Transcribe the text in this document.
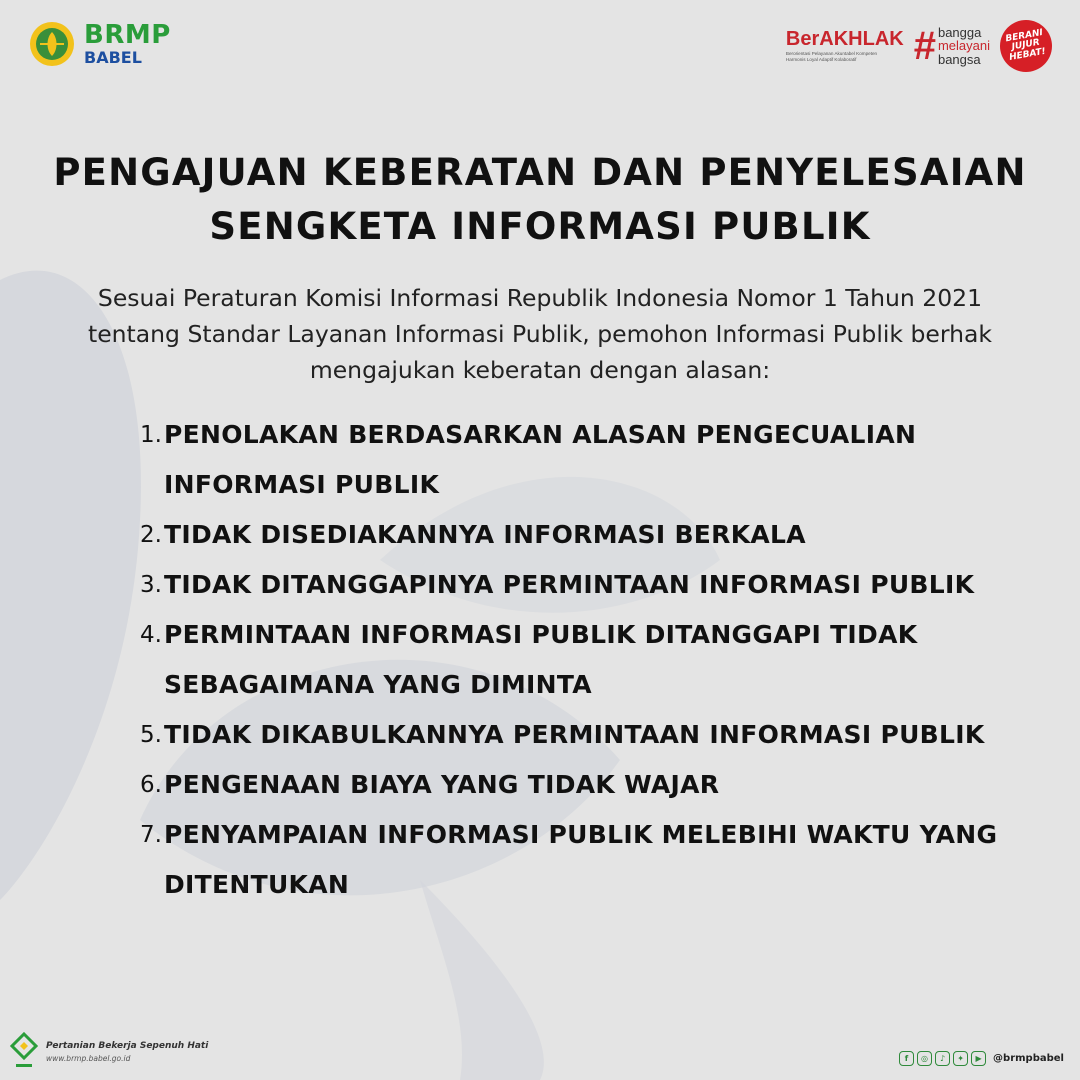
BRMP
BABEL
BerAKHLAK
Berorientasi Pelayanan Akuntabel Kompeten Harmonis Loyal Adaptif Kolaboratif	# bangga
melayani
bangsa
BERANI JUJUR HEBAT!
PENGAJUAN KEBERATAN DAN PENYELESAIAN SENGKETA INFORMASI PUBLIK
Sesuai Peraturan Komisi Informasi Republik Indonesia Nomor 1 Tahun 2021 tentang Standar Layanan Informasi Publik, pemohon Informasi Publik berhak mengajukan keberatan dengan alasan:
1. PENOLAKAN BERDASARKAN ALASAN PENGECUALIAN INFORMASI PUBLIK
2. TIDAK DISEDIAKANNYA INFORMASI BERKALA
3. TIDAK DITANGGAPINYA PERMINTAAN INFORMASI PUBLIK
4. PERMINTAAN INFORMASI PUBLIK DITANGGAPI TIDAK SEBAGAIMANA YANG DIMINTA
5. TIDAK DIKABULKANNYA PERMINTAAN INFORMASI PUBLIK
6. PENGENAAN BIAYA YANG TIDAK WAJAR
7. PENYAMPAIAN INFORMASI PUBLIK MELEBIHI WAKTU YANG DITENTUKAN
Pertanian Bekerja Sepenuh Hati
www.brmp.babel.go.id	f	◎	♪	✦	▶	@brmpbabel
